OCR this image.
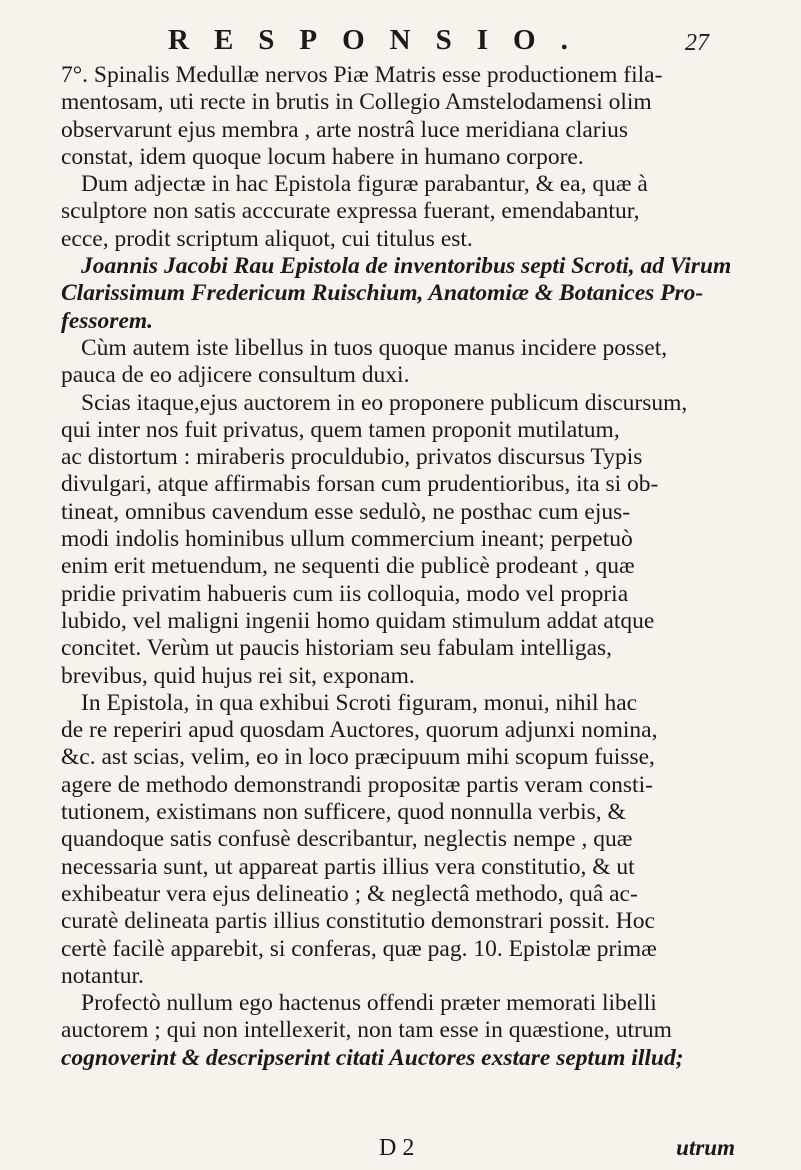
RESPONSIO.	27
7°. Spinalis Medullæ nervos Piæ Matris esse productionem fila-
mentosam, uti recte in brutis in Collegio Amstelodamensi olim
observarunt ejus membra , arte nostrâ luce meridiana clarius
constat, idem quoque locum habere in humano corpore.
Dum adjectæ in hac Epistola figuræ parabantur, & ea, quæ à
sculptore non satis acccurate expressa fuerant, emendabantur,
ecce, prodit scriptum aliquot, cui titulus est.
Joannis Jacobi Rau Epistola de inventoribus septi Scroti, ad Virum
Clarissimum Fredericum Ruischium, Anatomiæ & Botanices Pro-
fessorem.
Cùm autem iste libellus in tuos quoque manus incidere posset,
pauca de eo adjicere consultum duxi.
Scias itaque,ejus auctorem in eo proponere publicum discursum,
qui inter nos fuit privatus, quem tamen proponit mutilatum,
ac distortum : miraberis proculdubio, privatos discursus Typis
divulgari, atque affirmabis forsan cum prudentioribus, ita si ob-
tineat, omnibus cavendum esse sedulò, ne posthac cum ejus-
modi indolis hominibus ullum commercium ineant; perpetuò
enim erit metuendum, ne sequenti die publicè prodeant , quæ
pridie privatim habueris cum iis colloquia, modo vel propria
lubido, vel maligni ingenii homo quidam stimulum addat atque
concitet. Verùm ut paucis historiam seu fabulam intelligas,
brevibus, quid hujus rei sit, exponam.
In Epistola, in qua exhibui Scroti figuram, monui, nihil hac
de re reperiri apud quosdam Auctores, quorum adjunxi nomina,
&c. ast scias, velim, eo in loco præcipuum mihi scopum fuisse,
agere de methodo demonstrandi propositæ partis veram consti-
tutionem, existimans non sufficere, quod nonnulla verbis, &
quandoque satis confusè describantur, neglectis nempe , quæ
necessaria sunt, ut appareat partis illius vera constitutio, & ut
exhibeatur vera ejus delineatio ; & neglectâ methodo, quâ ac-
curatè delineata partis illius constitutio demonstrari possit. Hoc
certè facilè apparebit, si conferas, quæ pag. 10. Epistolæ primæ
notantur.
Profectò nullum ego hactenus offendi præter memorati libelli
auctorem ; qui non intellexerit, non tam esse in quæstione, utrum
cognoverint & descripserint citati Auctores exstare septum illud;
D 2	utrum
